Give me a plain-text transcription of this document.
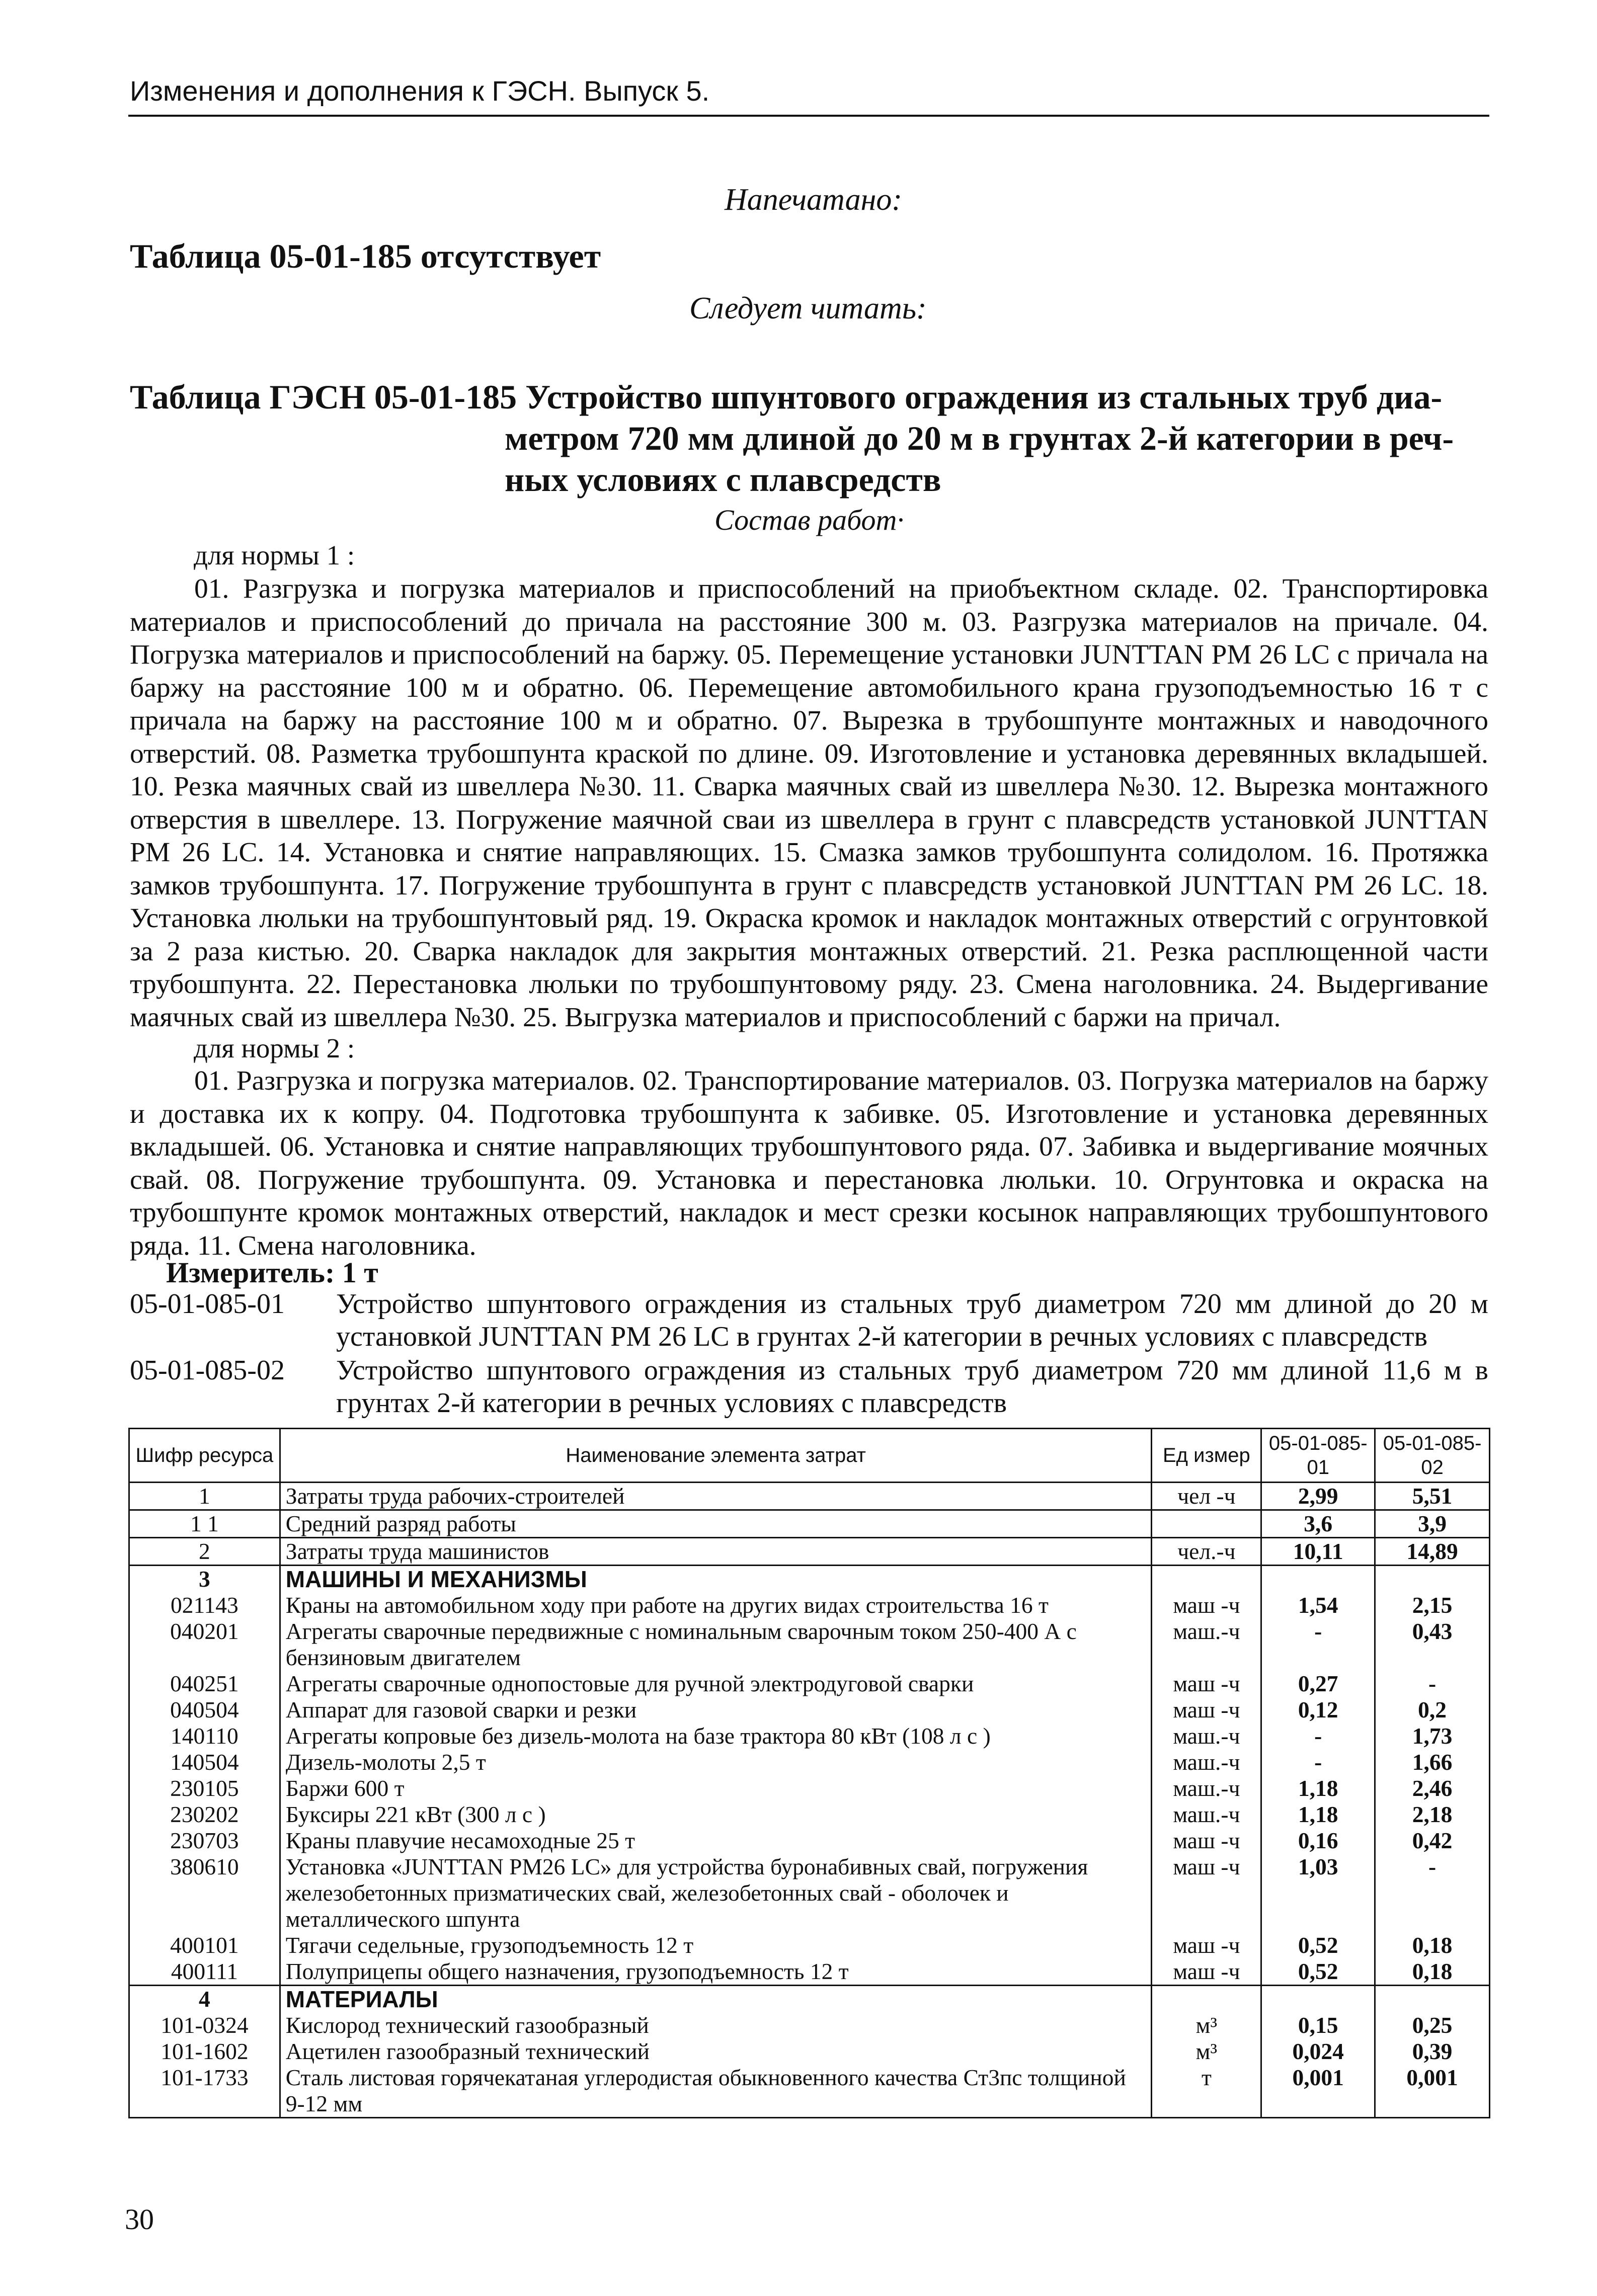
Изменения и дополнения к ГЭСН. Выпуск 5.
Напечатано:
Таблица 05-01-185 отсутствует
Следует читать:
Таблица ГЭСН 05-01-185 Устройство шпунтового ограждения из стальных труб диа-
метром 720 мм длиной до 20 м в грунтах 2-й категории в реч-
ных условиях с плавсредств
Состав работ·
для нормы 1 :
01. Разгрузка и погрузка материалов и приспособлений на приобъектном складе. 02. Транспортировка материалов и приспособлений до причала на расстояние 300 м. 03. Разгрузка материалов на причале. 04. Погрузка материалов и приспособлений на баржу. 05. Перемещение установки JUNTTAN PM 26 LC с причала на баржу на расстояние 100 м и обратно. 06. Перемещение автомобильного крана грузоподъемностью 16 т с причала на баржу на расстояние 100 м и обратно. 07. Вырезка в трубошпунте монтажных и наводочного отверстий. 08. Разметка трубошпунта краской по длине. 09. Изготовление и установка деревянных вкладышей. 10. Резка маячных свай из швеллера №30. 11. Сварка маячных свай из швеллера №30. 12. Вырезка монтажного отверстия в швеллере. 13. Погружение маячной сваи из швеллера в грунт с плавсредств установкой JUNTTAN PM 26 LC. 14. Установка и снятие направляющих. 15. Смазка замков трубошпунта солидолом. 16. Протяжка замков трубошпунта. 17. Погружение трубошпунта в грунт с плавсредств установкой JUNTTAN PM 26 LC. 18. Установка люльки на трубошпунтовый ряд. 19. Окраска кромок и накладок монтажных отверстий с огрунтовкой за 2 раза кистью. 20. Сварка накладок для закрытия монтажных отверстий. 21. Резка расплющенной части трубошпунта. 22. Перестановка люльки по трубошпунтовому ряду. 23. Смена наголовника. 24. Выдергивание маячных свай из швеллера №30. 25. Выгрузка материалов и приспособлений с баржи на причал.
для нормы 2 :
01. Разгрузка и погрузка материалов. 02. Транспортирование материалов. 03. Погрузка материалов на баржу и доставка их к копру. 04. Подготовка трубошпунта к забивке. 05. Изготовление и установка деревянных вкладышей. 06. Установка и снятие направляющих трубошпунтового ряда. 07. Забивка и выдергивание моячных свай. 08. Погружение трубошпунта. 09. Установка и перестановка люльки. 10. Огрунтовка и окраска на трубошпунте кромок монтажных отверстий, накладок и мест срезки косынок направляющих трубошпунтового ряда. 11. Смена наголовника.
Измеритель: 1 т
05-01-085-01 Устройство шпунтового ограждения из стальных труб диаметром 720 мм длиной до 20 м установкой JUNTTAN PM 26 LC в грунтах 2-й категории в речных условиях с плавсредств
05-01-085-02 Устройство шпунтового ограждения из стальных труб диаметром 720 мм длиной 11,6 м в грунтах 2-й категории в речных условиях с плавсредств
Шифр ресурса	Наименование элемента затрат	Ед измер	05-01-085-01	05-01-085-02
1	Затраты труда рабочих-строителей	чел -ч	2,99	5,51
1 1	Средний разряд работы		3,6	3,9
2	Затраты труда машинистов	чел.-ч	10,11	14,89
3	МАШИНЫ И МЕХАНИЗМЫ			
021143	Краны на автомобильном ходу при работе на других видах строительства 16 т	маш -ч	1,54	2,15
040201	Агрегаты сварочные передвижные с номинальным сварочным током 250-400 А с бензиновым двигателем	маш.-ч	-	0,43
040251	Агрегаты сварочные однопостовые для ручной электродуговой сварки	маш -ч	0,27	-
040504	Аппарат для газовой сварки и резки	маш -ч	0,12	0,2
140110	Агрегаты копровые без дизель-молота на базе трактора 80 кВт (108 л с )	маш.-ч	-	1,73
140504	Дизель-молоты 2,5 т	маш.-ч	-	1,66
230105	Баржи 600 т	маш.-ч	1,18	2,46
230202	Буксиры 221 кВт (300 л с )	маш.-ч	1,18	2,18
230703	Краны плавучие несамоходные 25 т	маш -ч	0,16	0,42
380610	Установка «JUNTTAN PM26 LC» для устройства буронабивных свай, погружения железобетонных призматических свай, железобетонных свай - оболочек и металлического шпунта	маш -ч	1,03	-
400101	Тягачи седельные, грузоподъемность 12 т	маш -ч	0,52	0,18
400111	Полуприцепы общего назначения, грузоподъемность 12 т	маш -ч	0,52	0,18
4	МАТЕРИАЛЫ			
101-0324	Кислород технический газообразный	м³	0,15	0,25
101-1602	Ацетилен газообразный технический	м³	0,024	0,39
101-1733	Сталь листовая горячекатаная углеродистая обыкновенного качества Ст3пс толщиной 9-12 мм	т	0,001	0,001
30
